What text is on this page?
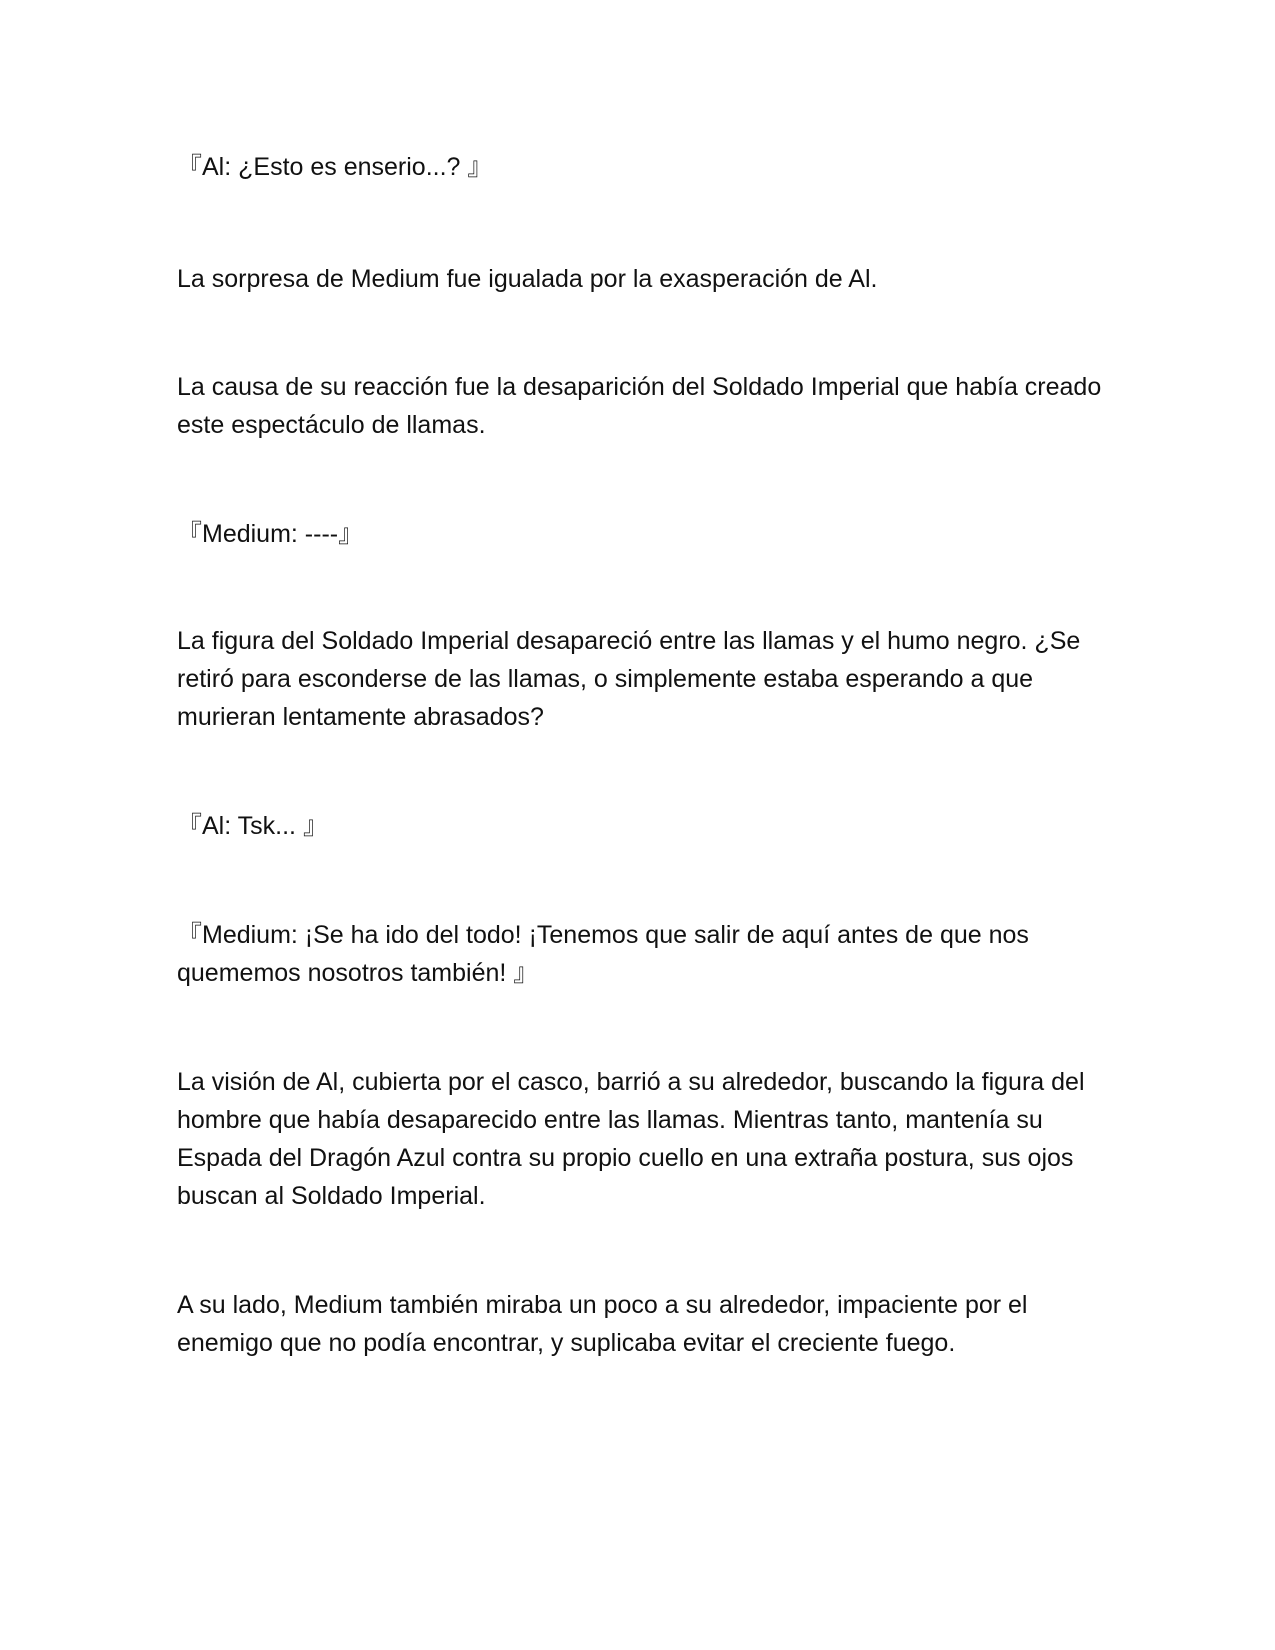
『Al: ¿Esto es enserio...? 』

La sorpresa de Medium fue igualada por la exasperación de Al.

La causa de su reacción fue la desaparición del Soldado Imperial que había creado este espectáculo de llamas.

『Medium: ----』

La figura del Soldado Imperial desapareció entre las llamas y el humo negro. ¿Se retiró para esconderse de las llamas, o simplemente estaba esperando a que murieran lentamente abrasados?

『Al: Tsk... 』

『Medium: ¡Se ha ido del todo! ¡Tenemos que salir de aquí antes de que nos quememos nosotros también! 』

La visión de Al, cubierta por el casco, barrió a su alrededor, buscando la figura del hombre que había desaparecido entre las llamas. Mientras tanto, mantenía su Espada del Dragón Azul contra su propio cuello en una extraña postura, sus ojos buscan al Soldado Imperial.

A su lado, Medium también miraba un poco a su alrededor, impaciente por el enemigo que no podía encontrar, y suplicaba evitar el creciente fuego.
